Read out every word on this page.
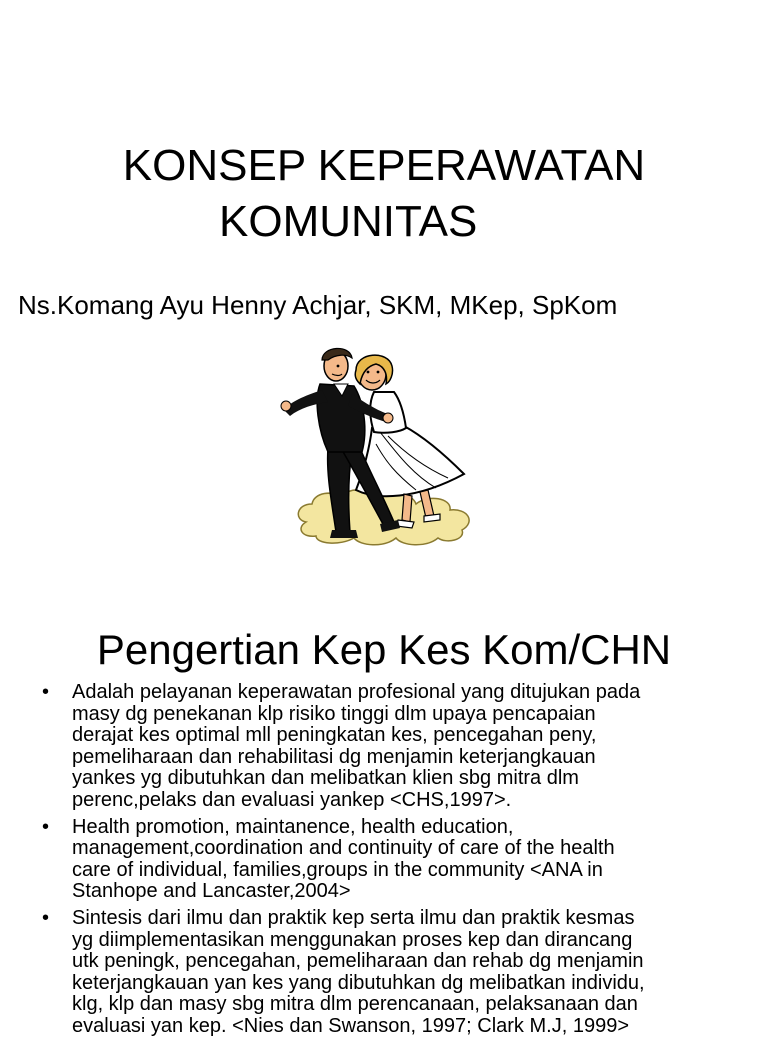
KONSEP KEPERAWATAN
KOMUNITAS
Ns.Komang Ayu Henny Achjar, SKM, MKep, SpKom
Pengertian Kep Kes Kom/CHN
• Adalah pelayanan keperawatan profesional yang ditujukan pada
masy dg penekanan klp risiko tinggi dlm upaya pencapaian
derajat kes optimal mll peningkatan kes, pencegahan peny,
pemeliharaan dan rehabilitasi dg menjamin keterjangkauan
yankes yg dibutuhkan dan melibatkan klien sbg mitra dlm
perenc,pelaks dan evaluasi yankep <CHS,1997>.
• Health promotion, maintanence, health education,
management,coordination and continuity of care of the health
care of individual, families,groups in the community <ANA in
Stanhope and Lancaster,2004>
• Sintesis dari ilmu dan praktik kep serta ilmu dan praktik kesmas
yg diimplementasikan menggunakan proses kep dan dirancang
utk peningk, pencegahan, pemeliharaan dan rehab dg menjamin
keterjangkauan yan kes yang dibutuhkan dg melibatkan individu,
klg, klp dan masy sbg mitra dlm perencanaan, pelaksanaan dan
evaluasi yan kep. <Nies dan Swanson, 1997; Clark M.J, 1999>
